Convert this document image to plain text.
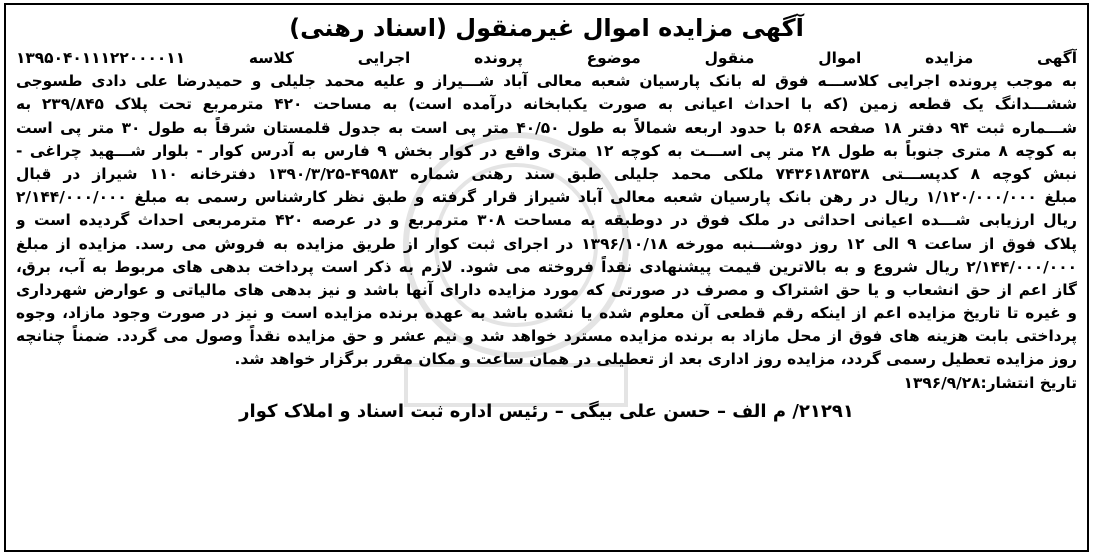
آگهی مزایده اموال غیرمنقول (اسناد رهنی)
آگهی مزایده اموال منقول موضوع پرونده اجرایی کلاسه ۱۳۹۵۰۴۰۱۱۱۲۲۰۰۰۰۱۱
به موجب پرونده اجرایی کلاســـه فوق له بانک پارسیان شعبه معالی آباد شـــیراز و علیه محمد جلیلی و حمیدرضا علی دادی طسوجی
ششـــدانگ یک قطعه زمین (که با احداث اعیانی به صورت یکبابخانه درآمده است) به مساحت ۴۲۰ مترمربع تحت پلاک ۲۳۹/۸۴۵ به
شـــماره ثبت ۹۴ دفتر ۱۸ صفحه ۵۶۸ با حدود اربعه شمالاً به طول ۴۰/۵۰ متر پی است به جدول قلمستان شرقاً به طول ۳۰ متر پی است
به کوچه ۸ متری جنوباً به طول ۲۸ متر پی اســـت به کوچه ۱۲ متری واقع در کوار بخش ۹ فارس به آدرس کوار - بلوار شـــهید چراغی -
نبش کوچه ۸ کدپســـتی ۷۴۳۶۱۸۳۵۳۸ ملکی محمد جلیلی طبق سند رهنی شماره ۴۹۵۸۳-۱۳۹۰/۳/۲۵ دفترخانه ۱۱۰ شیراز در قبال
مبلغ ۱/۱۲۰/۰۰۰/۰۰۰ ریال در رهن بانک پارسیان شعبه معالی آباد شیراز قرار گرفته و طبق نظر کارشناس رسمی به مبلغ ۲/۱۴۴/۰۰۰/۰۰۰
ریال ارزیابی شـــده اعیانی احداثی در ملک فوق در دوطبقه به مساحت ۳۰۸ مترمربع و در عرصه ۴۲۰ مترمربعی احداث گردیده است و
پلاک فوق از ساعت ۹ الی ۱۲ روز دوشـــنبه مورخه ۱۳۹۶/۱۰/۱۸ در اجرای ثبت کوار از طریق مزایده به فروش می رسد. مزایده از مبلغ
۲/۱۴۴/۰۰۰/۰۰۰ ریال شروع و به بالاترین قیمت پیشنهادی نقداً فروخته می شود. لازم به ذکر است پرداخت بدهی های مربوط به آب، برق،
گاز اعم از حق انشعاب و یا حق اشتراک و مصرف در صورتی که مورد مزایده دارای آنها باشد و نیز بدهی های مالیاتی و عوارض شهرداری
و غیره تا تاریخ مزایده اعم از اینکه رقم قطعی آن معلوم شده یا نشده باشد به عهده برنده مزایده است و نیز در صورت وجود مازاد، وجوه
پرداختی بابت هزینه های فوق از محل مازاد به برنده مزایده مسترد خواهد شد و نیم عشر و حق مزایده نقداً وصول می گردد. ضمناً چنانچه
روز مزایده تعطیل رسمی گردد، مزایده روز اداری بعد از تعطیلی در همان ساعت و مکان مقرر برگزار خواهد شد.
تاریخ انتشار:۱۳۹۶/۹/۲۸
۲۱۲۹۱/ م الف – حسن علی بیگی – رئیس اداره ثبت اسناد و املاک کوار
